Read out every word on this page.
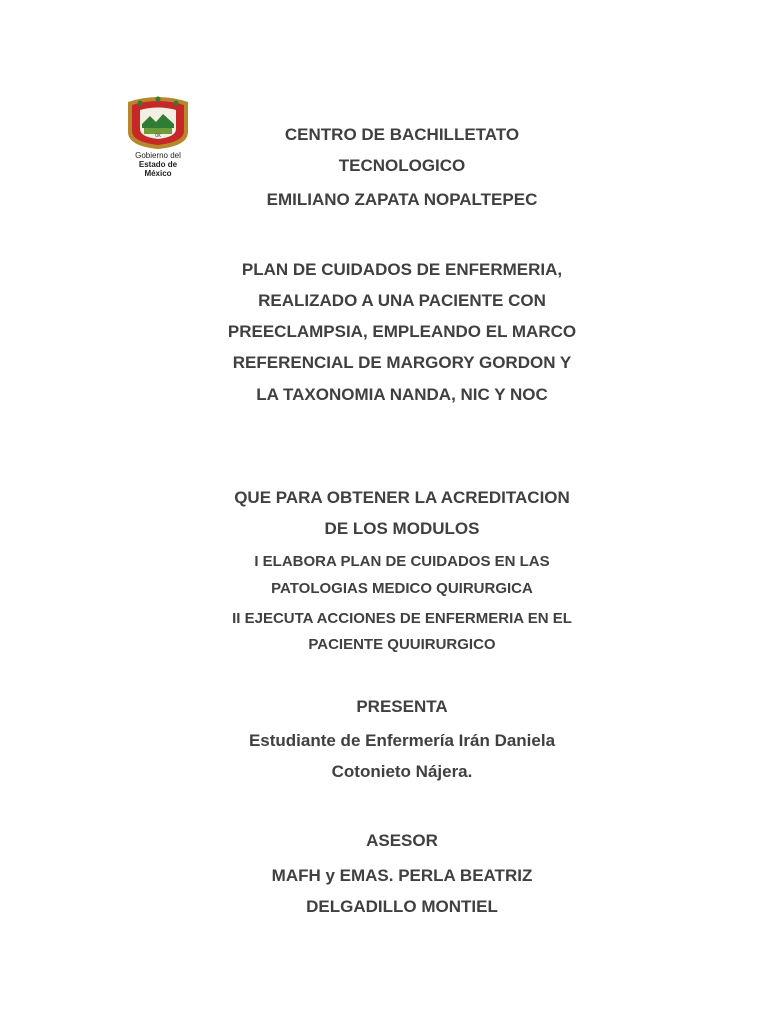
OK
Gobierno del
Estado de
México
CENTRO DE BACHILLETATO
TECNOLOGICO
EMILIANO ZAPATA NOPALTEPEC
PLAN DE CUIDADOS DE ENFERMERIA,
REALIZADO A UNA PACIENTE CON
PREECLAMPSIA, EMPLEANDO EL MARCO
REFERENCIAL DE MARGORY GORDON Y
LA TAXONOMIA NANDA, NIC Y NOC
QUE PARA OBTENER LA ACREDITACION
DE LOS MODULOS
I ELABORA PLAN DE CUIDADOS EN LAS
PATOLOGIAS MEDICO QUIRURGICA
II EJECUTA ACCIONES DE ENFERMERIA EN EL
PACIENTE QUUIRURGICO
PRESENTA
Estudiante de Enfermería Irán Daniela
Cotonieto Nájera.
ASESOR
MAFH y EMAS. PERLA BEATRIZ
DELGADILLO MONTIEL
